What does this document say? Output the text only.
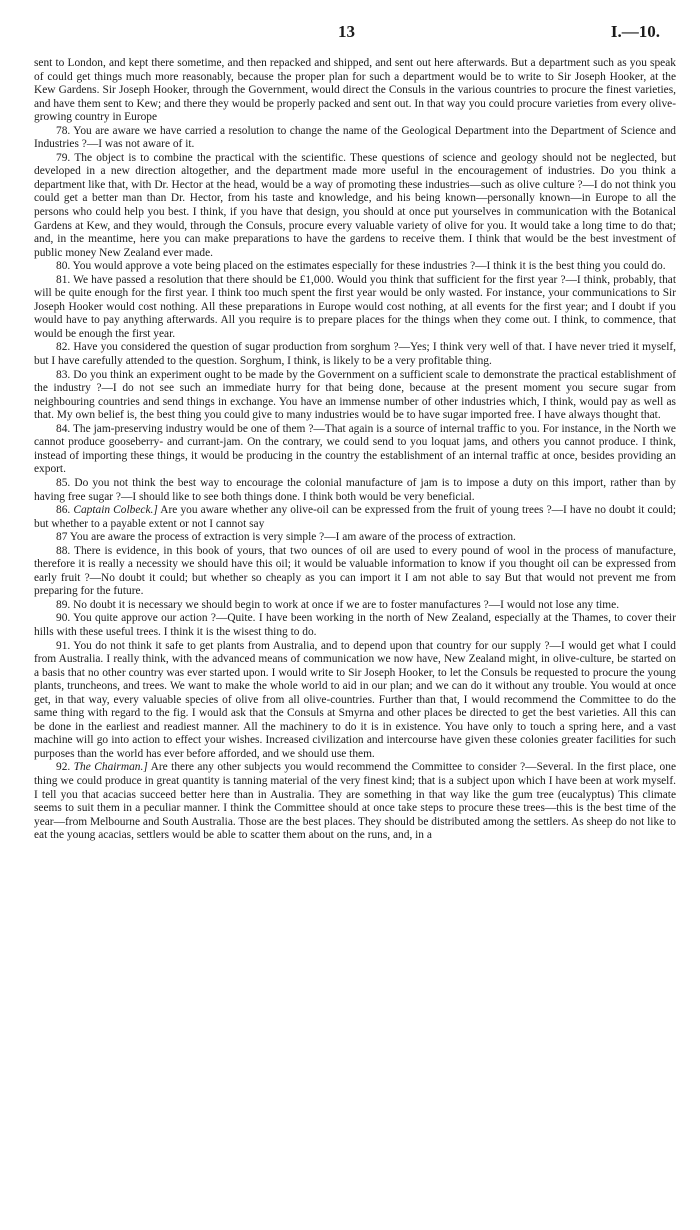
13	I.—10.

sent to London, and kept there sometime, and then repacked and shipped, and sent out here afterwards. But a department such as you speak of could get things much more reasonably, because the proper plan for such a department would be to write to Sir Joseph Hooker, at the Kew Gardens. Sir Joseph Hooker, through the Government, would direct the Consuls in the various countries to procure the finest varieties, and have them sent to Kew; and there they would be properly packed and sent out. In that way you could procure varieties from every olive-growing country in Europe

78. You are aware we have carried a resolution to change the name of the Geological Department into the Department of Science and Industries ?—I was not aware of it.

79. The object is to combine the practical with the scientific. These questions of science and geology should not be neglected, but developed in a new direction altogether, and the department made more useful in the encouragement of industries. Do you think a department like that, with Dr. Hector at the head, would be a way of promoting these industries—such as olive culture ?—I do not think you could get a better man than Dr. Hector, from his taste and knowledge, and his being known—personally known—in Europe to all the persons who could help you best. I think, if you have that design, you should at once put yourselves in communication with the Botanical Gardens at Kew, and they would, through the Consuls, procure every valuable variety of olive for you. It would take a long time to do that; and, in the meantime, here you can make preparations to have the gardens to receive them. I think that would be the best investment of public money New Zealand ever made.

80. You would approve a vote being placed on the estimates especially for these industries ?—I think it is the best thing you could do.

81. We have passed a resolution that there should be £1,000. Would you think that sufficient for the first year ?—I think, probably, that will be quite enough for the first year. I think too much spent the first year would be only wasted. For instance, your communications to Sir Joseph Hooker would cost nothing. All these preparations in Europe would cost nothing, at all events for the first year; and I doubt if you would have to pay anything afterwards. All you require is to prepare places for the things when they come out. I think, to commence, that would be enough the first year.

82. Have you considered the question of sugar production from sorghum ?—Yes; I think very well of that. I have never tried it myself, but I have carefully attended to the question. Sorghum, I think, is likely to be a very profitable thing.

83. Do you think an experiment ought to be made by the Government on a sufficient scale to demonstrate the practical establishment of the industry ?—I do not see such an immediate hurry for that being done, because at the present moment you secure sugar from neighbouring countries and send things in exchange. You have an immense number of other industries which, I think, would pay as well as that. My own belief is, the best thing you could give to many industries would be to have sugar imported free. I have always thought that.

84. The jam-preserving industry would be one of them ?—That again is a source of internal traffic to you. For instance, in the North we cannot produce gooseberry- and currant-jam. On the contrary, we could send to you loquat jams, and others you cannot produce. I think, instead of importing these things, it would be producing in the country the establishment of an internal traffic at once, besides providing an export.

85. Do you not think the best way to encourage the colonial manufacture of jam is to impose a duty on this import, rather than by having free sugar ?—I should like to see both things done. I think both would be very beneficial.

86. Captain Colbeck.] Are you aware whether any olive-oil can be expressed from the fruit of young trees ?—I have no doubt it could; but whether to a payable extent or not I cannot say

87 You are aware the process of extraction is very simple ?—I am aware of the process of extraction.

88. There is evidence, in this book of yours, that two ounces of oil are used to every pound of wool in the process of manufacture, therefore it is really a necessity we should have this oil; it would be valuable information to know if you thought oil can be expressed from early fruit ?—No doubt it could; but whether so cheaply as you can import it I am not able to say But that would not prevent me from preparing for the future.

89. No doubt it is necessary we should begin to work at once if we are to foster manufactures ?—I would not lose any time.

90. You quite approve our action ?—Quite. I have been working in the north of New Zealand, especially at the Thames, to cover their hills with these useful trees. I think it is the wisest thing to do.

91. You do not think it safe to get plants from Australia, and to depend upon that country for our supply ?—I would get what I could from Australia. I really think, with the advanced means of communication we now have, New Zealand might, in olive-culture, be started on a basis that no other country was ever started upon. I would write to Sir Joseph Hooker, to let the Consuls be requested to procure the young plants, truncheons, and trees. We want to make the whole world to aid in our plan; and we can do it without any trouble. You would at once get, in that way, every valuable species of olive from all olive-countries. Further than that, I would recommend the Committee to do the same thing with regard to the fig. I would ask that the Consuls at Smyrna and other places be directed to get the best varieties. All this can be done in the earliest and readiest manner. All the machinery to do it is in existence. You have only to touch a spring here, and a vast machine will go into action to effect your wishes. Increased civilization and intercourse have given these colonies greater facilities for such purposes than the world has ever before afforded, and we should use them.

92. The Chairman.] Are there any other subjects you would recommend the Committee to consider ?—Several. In the first place, one thing we could produce in great quantity is tanning material of the very finest kind; that is a subject upon which I have been at work myself. I tell you that acacias succeed better here than in Australia. They are something in that way like the gum tree (eucalyptus) This climate seems to suit them in a peculiar manner. I think the Committee should at once take steps to procure these trees—this is the best time of the year—from Melbourne and South Australia. Those are the best places. They should be distributed among the settlers. As sheep do not like to eat the young acacias, settlers would be able to scatter them about on the runs, and, in a
